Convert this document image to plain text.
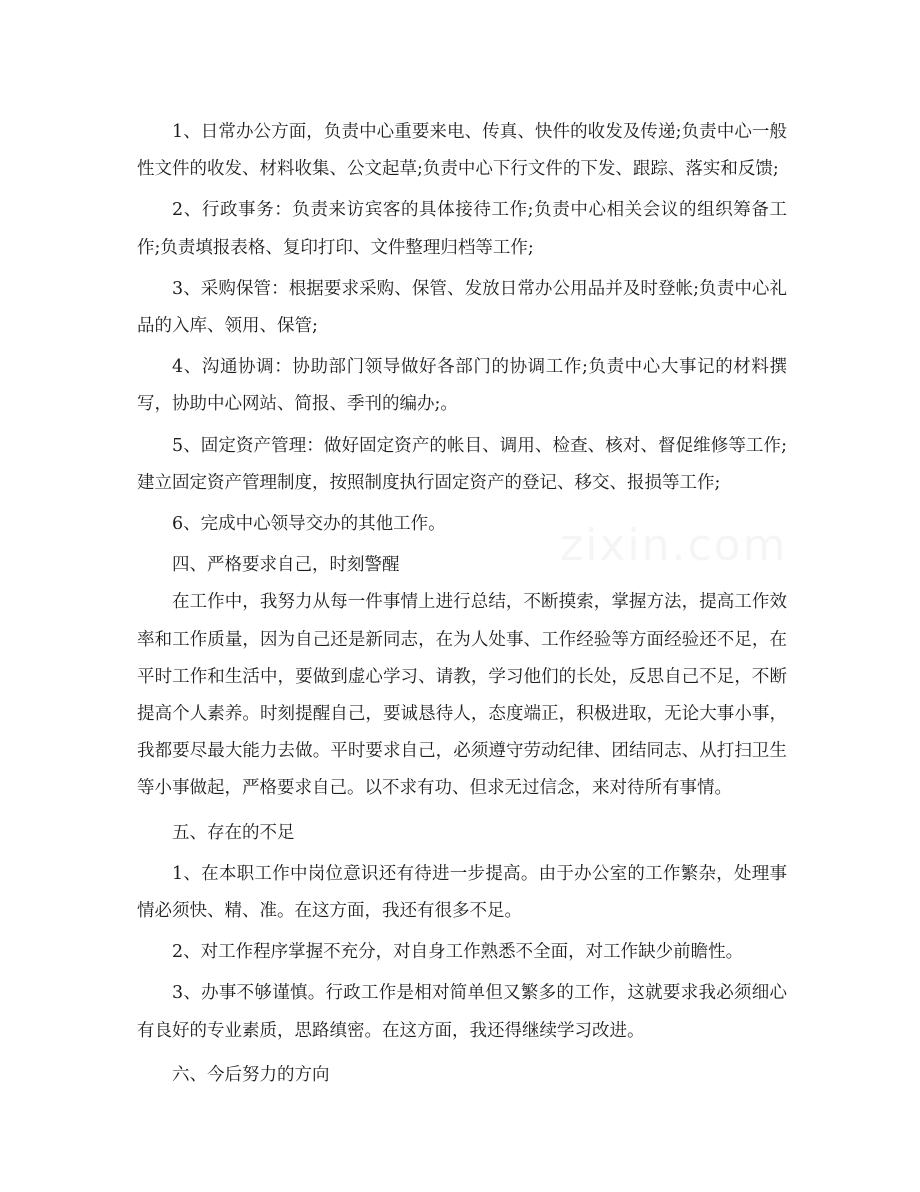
zixin.com

1、日常办公方面，负责中心重要来电、传真、快件的收发及传递;负责中心一般性文件的收发、材料收集、公文起草;负责中心下行文件的下发、跟踪、落实和反馈;

2、行政事务：负责来访宾客的具体接待工作;负责中心相关会议的组织筹备工作;负责填报表格、复印打印、文件整理归档等工作;

3、采购保管：根据要求采购、保管、发放日常办公用品并及时登帐;负责中心礼品的入库、领用、保管;

4、沟通协调：协助部门领导做好各部门的协调工作;负责中心大事记的材料撰写，协助中心网站、简报、季刊的编办;。

5、固定资产管理：做好固定资产的帐目、调用、检查、核对、督促维修等工作;建立固定资产管理制度，按照制度执行固定资产的登记、移交、报损等工作;

6、完成中心领导交办的其他工作。

四、严格要求自己，时刻警醒

在工作中，我努力从每一件事情上进行总结，不断摸索，掌握方法，提高工作效率和工作质量，因为自己还是新同志，在为人处事、工作经验等方面经验还不足，在平时工作和生活中，要做到虚心学习、请教，学习他们的长处，反思自己不足，不断提高个人素养。时刻提醒自己，要诚恳待人，态度端正，积极进取，无论大事小事，我都要尽最大能力去做。平时要求自己，必须遵守劳动纪律、团结同志、从打扫卫生等小事做起，严格要求自己。以不求有功、但求无过信念，来对待所有事情。

五、存在的不足

1、在本职工作中岗位意识还有待进一步提高。由于办公室的工作繁杂，处理事情必须快、精、准。在这方面，我还有很多不足。

2、对工作程序掌握不充分，对自身工作熟悉不全面，对工作缺少前瞻性。

3、办事不够谨慎。行政工作是相对简单但又繁多的工作，这就要求我必须细心有良好的专业素质，思路缜密。在这方面，我还得继续学习改进。

六、今后努力的方向
